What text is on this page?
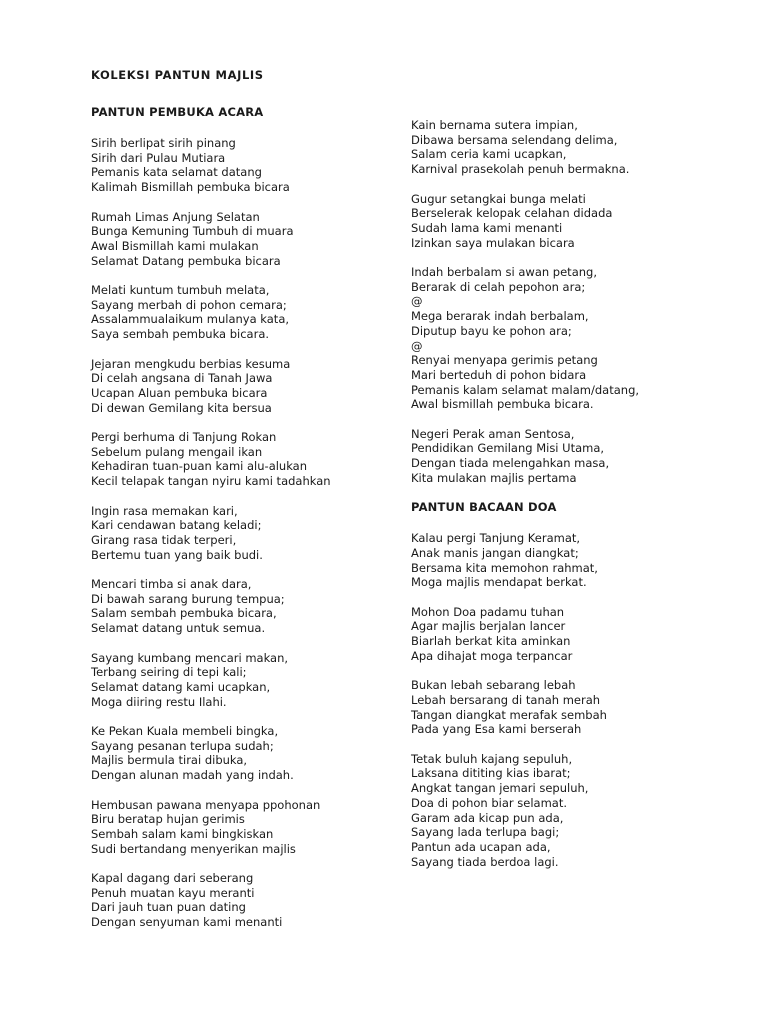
KOLEKSI PANTUN MAJLIS
PANTUN PEMBUKA ACARA
Sirih berlipat sirih pinang
Sirih dari Pulau Mutiara
Pemanis kata selamat datang
Kalimah Bismillah pembuka bicara
Rumah Limas Anjung Selatan
Bunga Kemuning Tumbuh di muara
Awal Bismillah kami mulakan
Selamat Datang pembuka bicara
Melati kuntum tumbuh melata,
Sayang merbah di pohon cemara;
Assalammualaikum mulanya kata,
Saya sembah pembuka bicara.
Jejaran mengkudu berbias kesuma
Di celah angsana di Tanah Jawa
Ucapan Aluan pembuka bicara
Di dewan Gemilang kita bersua
Pergi berhuma di Tanjung Rokan
Sebelum pulang mengail ikan
Kehadiran tuan-puan kami alu-alukan
Kecil telapak tangan nyiru kami tadahkan
Ingin rasa memakan kari,
Kari cendawan batang keladi;
Girang rasa tidak terperi,
Bertemu tuan yang baik budi.
Mencari timba si anak dara,
Di bawah sarang burung tempua;
Salam sembah pembuka bicara,
Selamat datang untuk semua.
Sayang kumbang mencari makan,
Terbang seiring di tepi kali;
Selamat datang kami ucapkan,
Moga diiring restu Ilahi.
Ke Pekan Kuala membeli bingka,
Sayang pesanan terlupa sudah;
Majlis bermula tirai dibuka,
Dengan alunan madah yang indah.
Hembusan pawana menyapa ppohonan
Biru beratap hujan gerimis
Sembah salam kami bingkiskan
Sudi bertandang menyerikan majlis
Kapal dagang dari seberang
Penuh muatan kayu meranti
Dari jauh tuan puan dating
Dengan senyuman kami menanti
Kain bernama sutera impian,
Dibawa bersama selendang delima,
Salam ceria kami ucapkan,
Karnival prasekolah penuh bermakna.
Gugur setangkai bunga melati
Berselerak kelopak celahan didada
Sudah lama kami menanti
Izinkan saya mulakan bicara
Indah berbalam si awan petang,
Berarak di celah pepohon ara;
@
Mega berarak indah berbalam,
Diputup bayu ke pohon ara;
@
Renyai menyapa gerimis petang
Mari berteduh di pohon bidara
Pemanis kalam selamat malam/datang,
Awal bismillah pembuka bicara.
Negeri Perak aman Sentosa,
Pendidikan Gemilang Misi Utama,
Dengan tiada melengahkan masa,
Kita mulakan majlis pertama
PANTUN BACAAN DOA
Kalau pergi Tanjung Keramat,
Anak manis jangan diangkat;
Bersama kita memohon rahmat,
Moga majlis mendapat berkat.
Mohon Doa padamu tuhan
Agar majlis berjalan lancer
Biarlah berkat kita aminkan
Apa dihajat moga terpancar
Bukan lebah sebarang lebah
Lebah bersarang di tanah merah
Tangan diangkat merafak sembah
Pada yang Esa kami berserah
Tetak buluh kajang sepuluh,
Laksana dititing kias ibarat;
Angkat tangan jemari sepuluh,
Doa di pohon biar selamat.
Garam ada kicap pun ada,
Sayang lada terlupa bagi;
Pantun ada ucapan ada,
Sayang tiada berdoa lagi.
